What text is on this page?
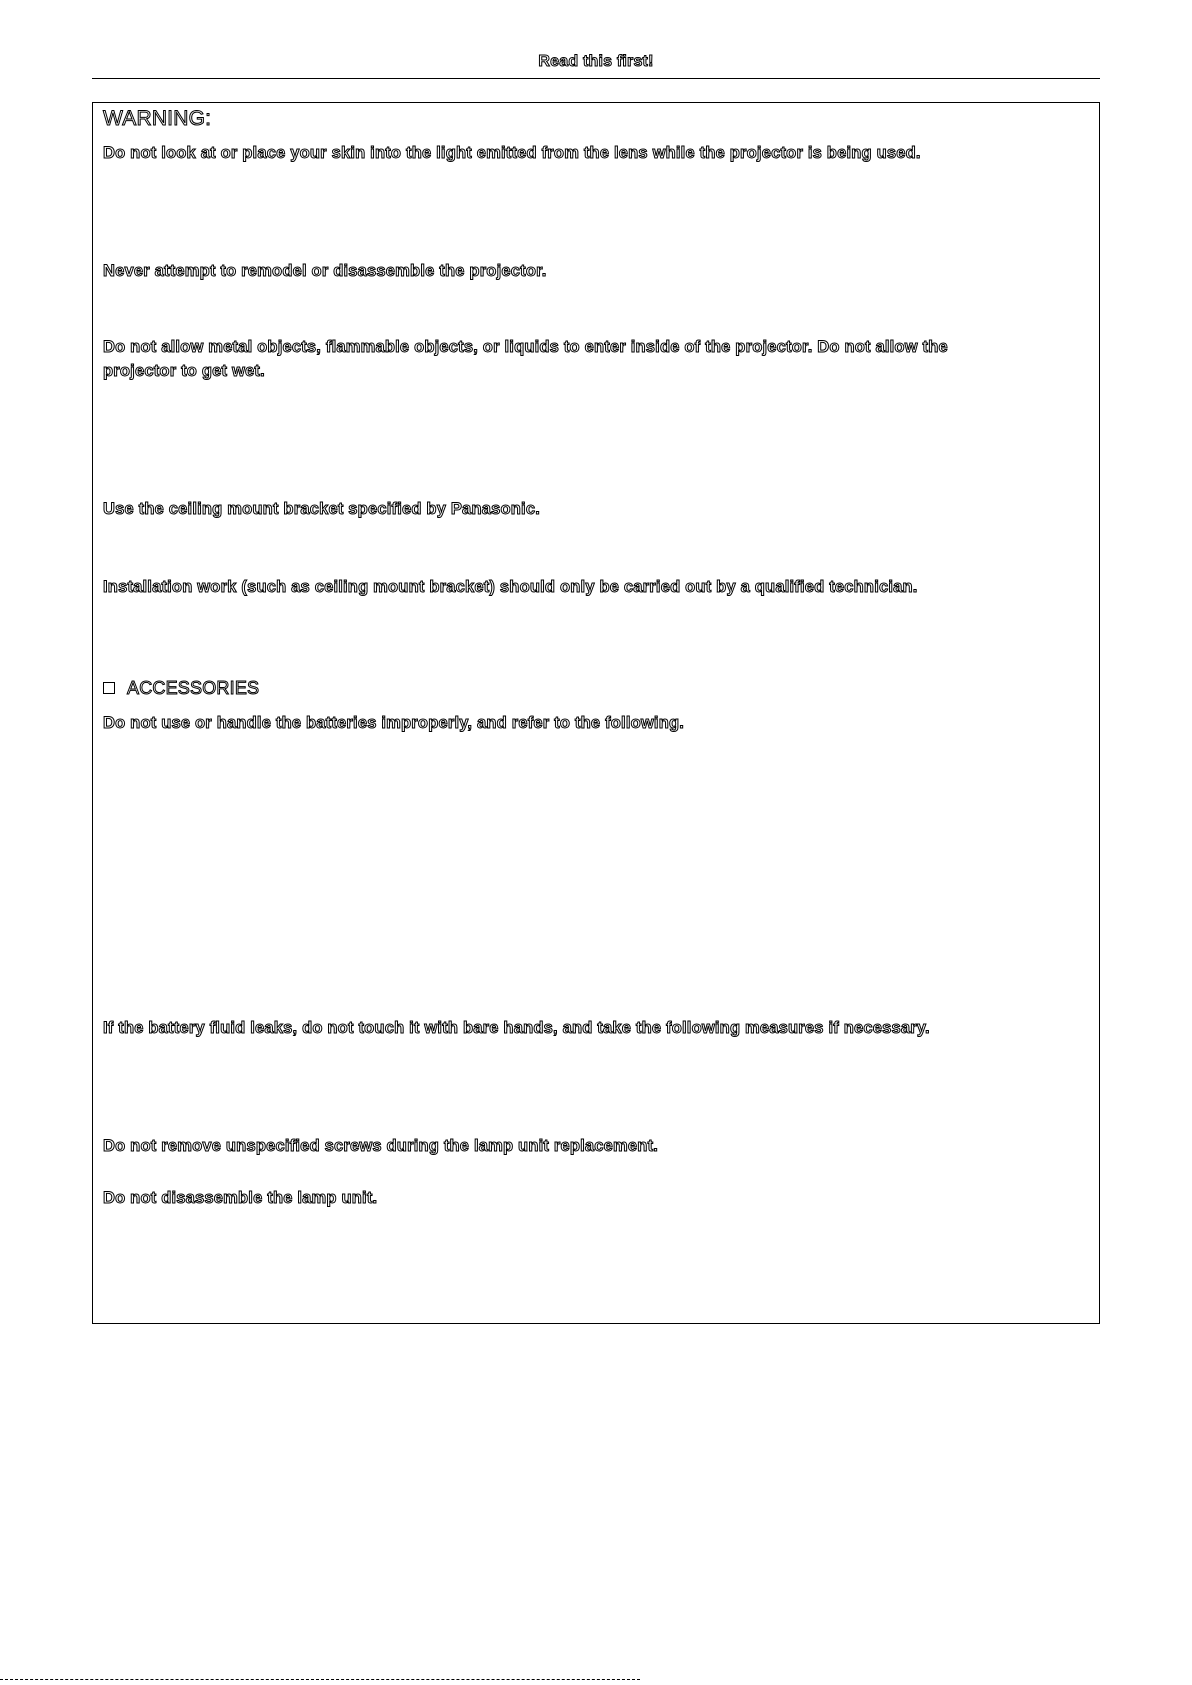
Read this first!
WARNING:
Do not look at or place your skin into the light emitted from the lens while the projector is being used.
Never attempt to remodel or disassemble the projector.
Do not allow metal objects, flammable objects, or liquids to enter inside of the projector. Do not allow the
projector to get wet.
Use the ceiling mount bracket specified by Panasonic.
Installation work (such as ceiling mount bracket) should only be carried out by a qualified technician.
ACCESSORIES
Do not use or handle the batteries improperly, and refer to the following.
If the battery fluid leaks, do not touch it with bare hands, and take the following measures if necessary.
Do not remove unspecified screws during the lamp unit replacement.
Do not disassemble the lamp unit.
